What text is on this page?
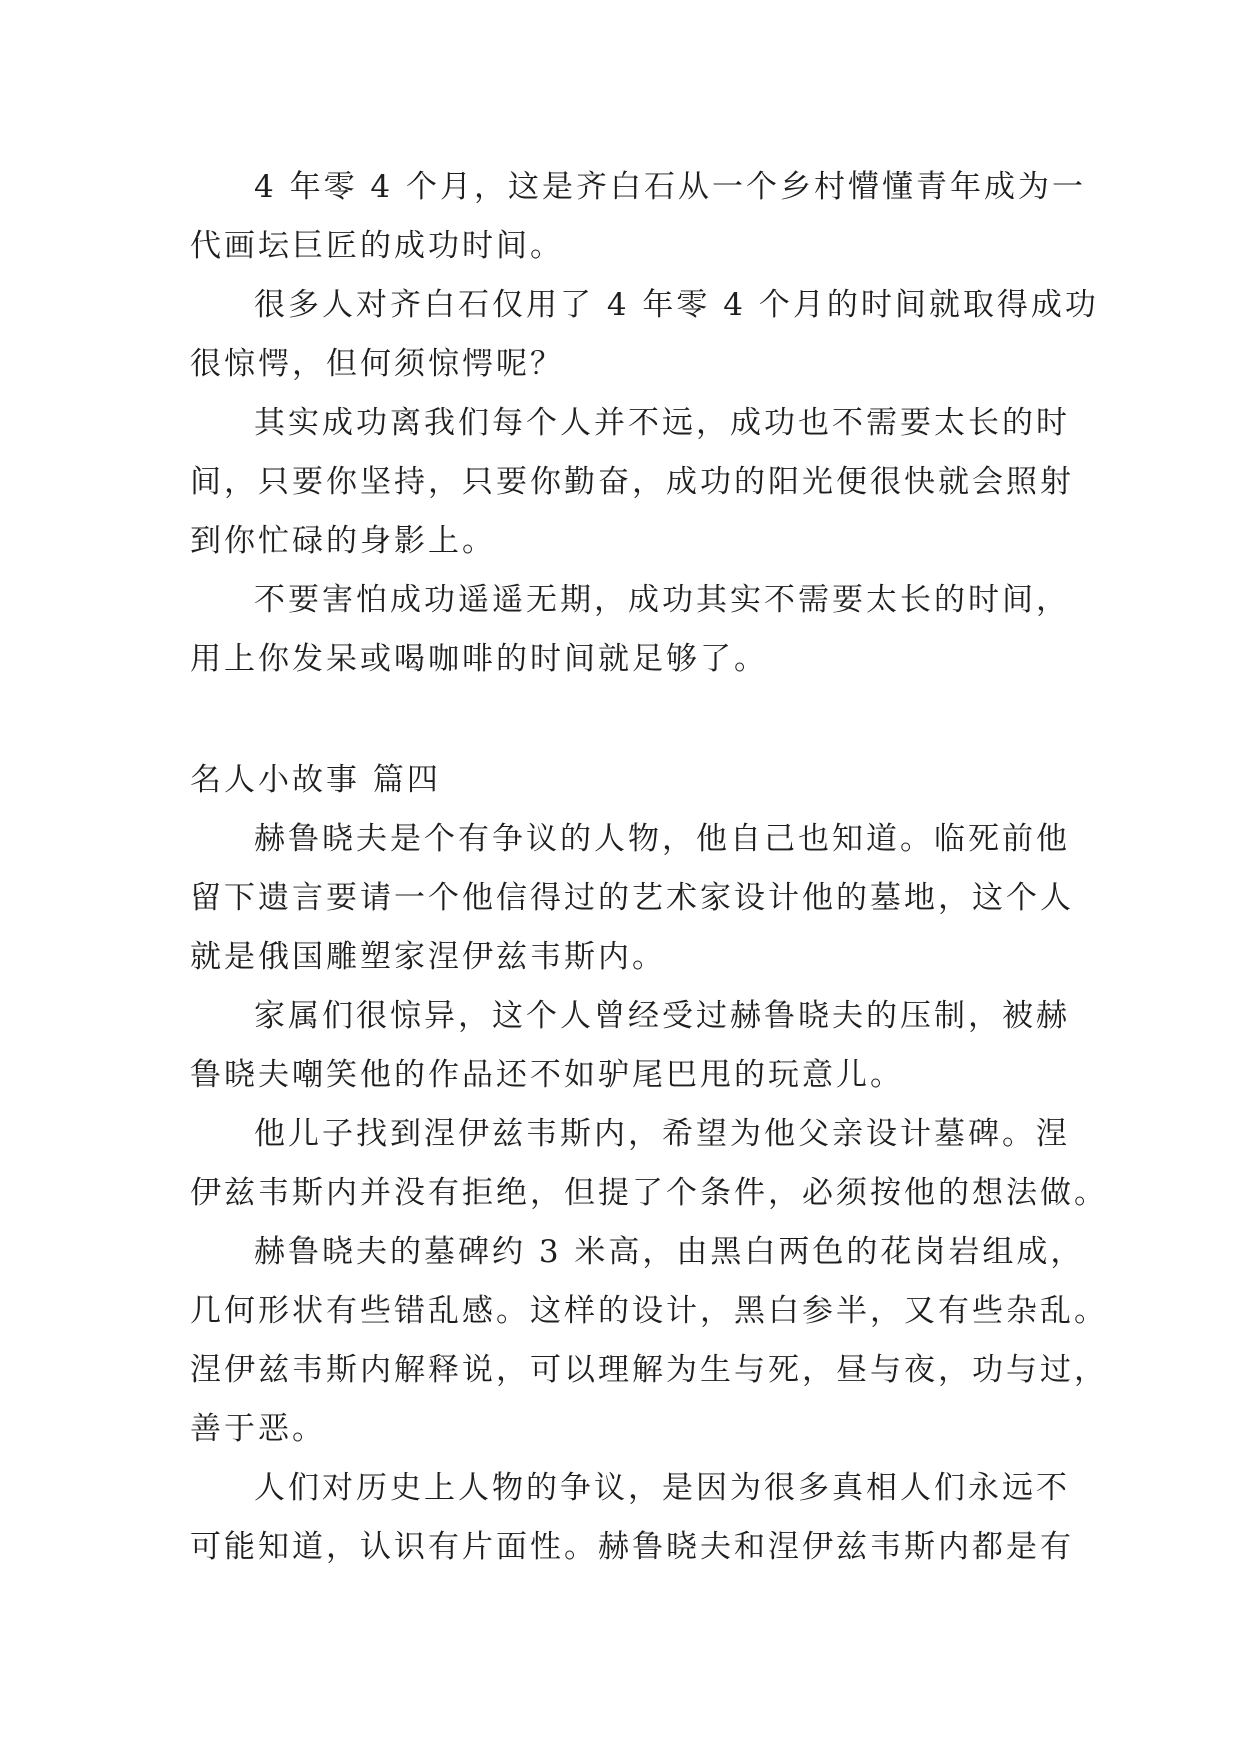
4 年零 4 个月，这是齐白石从一个乡村懵懂青年成为一
代画坛巨匠的成功时间。
很多人对齐白石仅用了 4 年零 4 个月的时间就取得成功
很惊愕，但何须惊愕呢？
其实成功离我们每个人并不远，成功也不需要太长的时
间，只要你坚持，只要你勤奋，成功的阳光便很快就会照射
到你忙碌的身影上。
不要害怕成功遥遥无期，成功其实不需要太长的时间，
用上你发呆或喝咖啡的时间就足够了。
名人小故事 篇四
赫鲁晓夫是个有争议的人物，他自己也知道。临死前他
留下遗言要请一个他信得过的艺术家设计他的墓地，这个人
就是俄国雕塑家涅伊兹韦斯内。
家属们很惊异，这个人曾经受过赫鲁晓夫的压制，被赫
鲁晓夫嘲笑他的作品还不如驴尾巴甩的玩意儿。
他儿子找到涅伊兹韦斯内，希望为他父亲设计墓碑。涅
伊兹韦斯内并没有拒绝，但提了个条件，必须按他的想法做。
赫鲁晓夫的墓碑约 3 米高，由黑白两色的花岗岩组成，
几何形状有些错乱感。这样的设计，黑白参半，又有些杂乱。
涅伊兹韦斯内解释说，可以理解为生与死，昼与夜，功与过，
善于恶。
人们对历史上人物的争议，是因为很多真相人们永远不
可能知道，认识有片面性。赫鲁晓夫和涅伊兹韦斯内都是有
